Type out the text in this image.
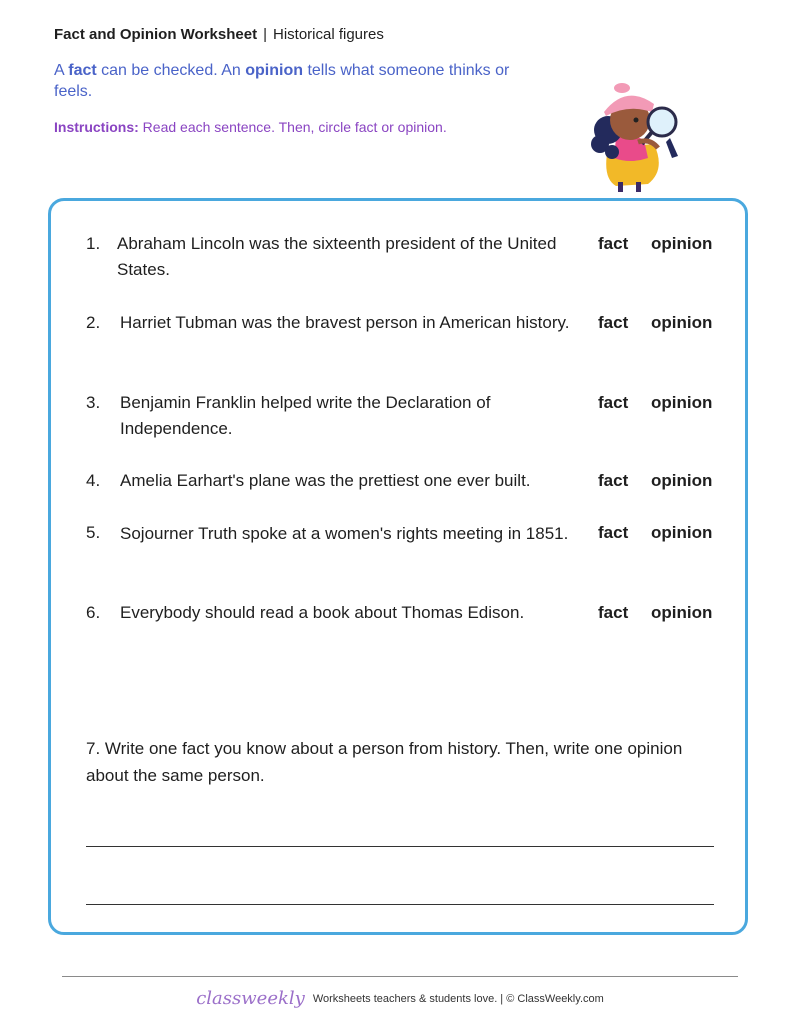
Fact and Opinion Worksheet | Historical figures
A fact can be checked. An opinion tells what someone thinks or feels.
Instructions: Read each sentence. Then, circle fact or opinion.
1. Abraham Lincoln was the sixteenth president of the United States.
fact opinion
2. Harriet Tubman was the bravest person in American history.	fact opinion
3. Benjamin Franklin helped write the Declaration of Independence.
fact opinion
4. Amelia Earhart's plane was the prettiest one ever built.	fact opinion
5. Sojourner Truth spoke at a women's rights meeting in 1851.	fact opinion
6. Everybody should read a book about Thomas Edison.	fact opinion
7. Write one fact you know about a person from history. Then, write one opinion about the same person.
classweekly Worksheets teachers & students love. | © ClassWeekly.com
